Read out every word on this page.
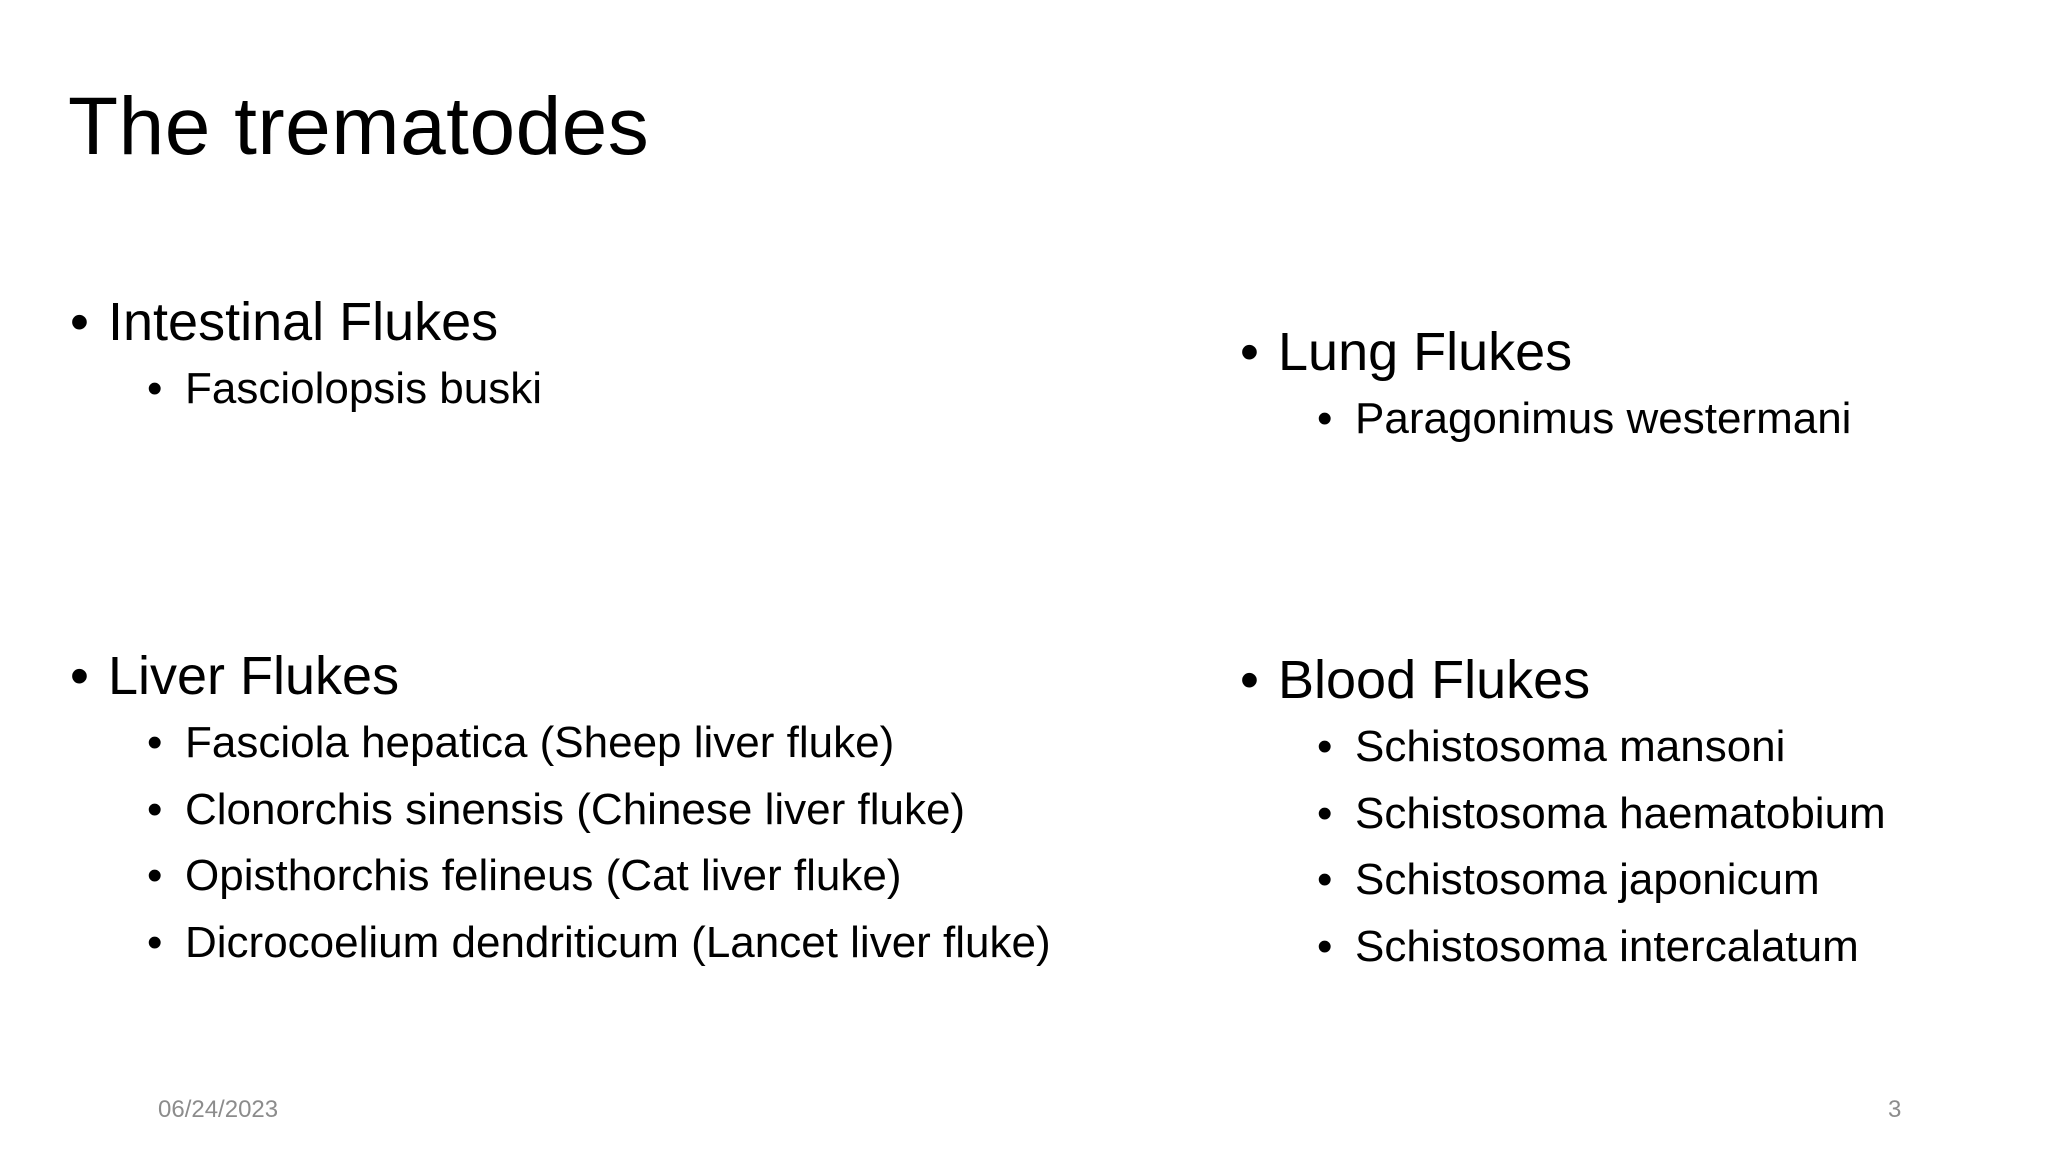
The trematodes
• Intestinal Flukes
• Fasciolopsis buski
• Lung Flukes
• Paragonimus westermani
• Liver Flukes
• Fasciola hepatica (Sheep liver fluke)
• Clonorchis sinensis (Chinese liver fluke)
• Opisthorchis felineus (Cat liver fluke)
• Dicrocoelium dendriticum (Lancet liver fluke)
• Blood Flukes
• Schistosoma mansoni
• Schistosoma haematobium
• Schistosoma japonicum
• Schistosoma intercalatum
06/24/2023	3
